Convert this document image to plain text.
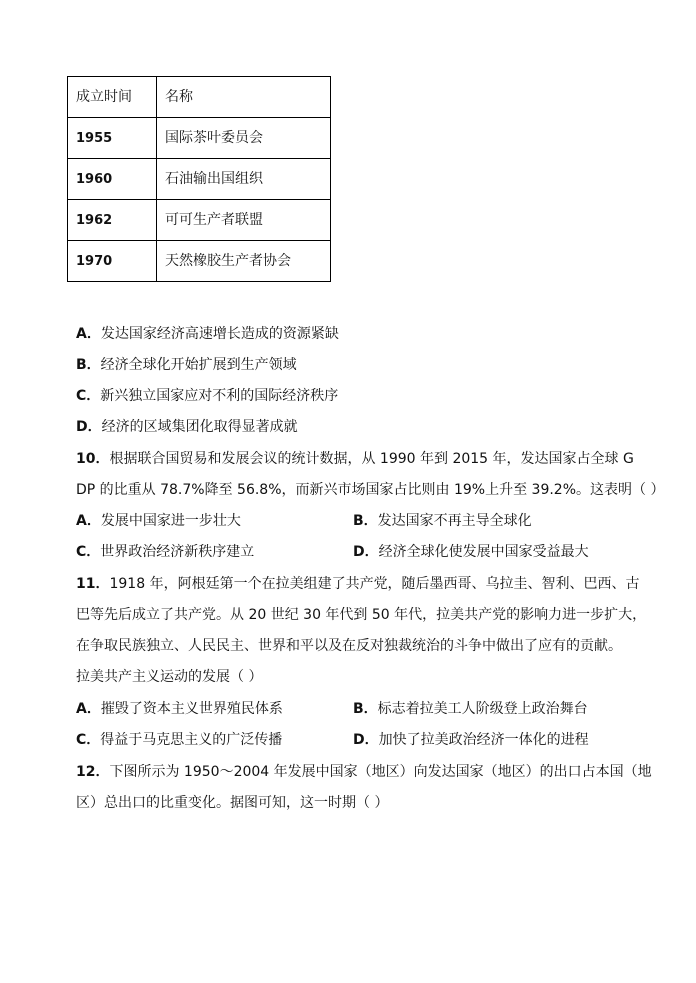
成立时间	名称
1955	国际茶叶委员会
1960	石油输出国组织
1962	可可生产者联盟
1970	天然橡胶生产者协会
A．发达国家经济高速增长造成的资源紧缺
B．经济全球化开始扩展到生产领域
C．新兴独立国家应对不利的国际经济秩序
D．经济的区域集团化取得显著成就
10．根据联合国贸易和发展会议的统计数据，从 1990 年到 2015 年，发达国家占全球 G
DP 的比重从 78.7%降至 56.8%，而新兴市场国家占比则由 19%上升至 39.2%。这表明（ ）
A．发展中国家进一步壮大	B．发达国家不再主导全球化
C．世界政治经济新秩序建立	D．经济全球化使发展中国家受益最大
11．1918 年，阿根廷第一个在拉美组建了共产党，随后墨西哥、乌拉圭、智利、巴西、古
巴等先后成立了共产党。从 20 世纪 30 年代到 50 年代，拉美共产党的影响力进一步扩大，
在争取民族独立、人民民主、世界和平以及在反对独裁统治的斗争中做出了应有的贡献。
拉美共产主义运动的发展（ ）
A．摧毁了资本主义世界殖民体系	B．标志着拉美工人阶级登上政治舞台
C．得益于马克思主义的广泛传播	D．加快了拉美政治经济一体化的进程
12．下图所示为 1950～2004 年发展中国家（地区）向发达国家（地区）的出口占本国（地
区）总出口的比重变化。据图可知，这一时期（ ）
